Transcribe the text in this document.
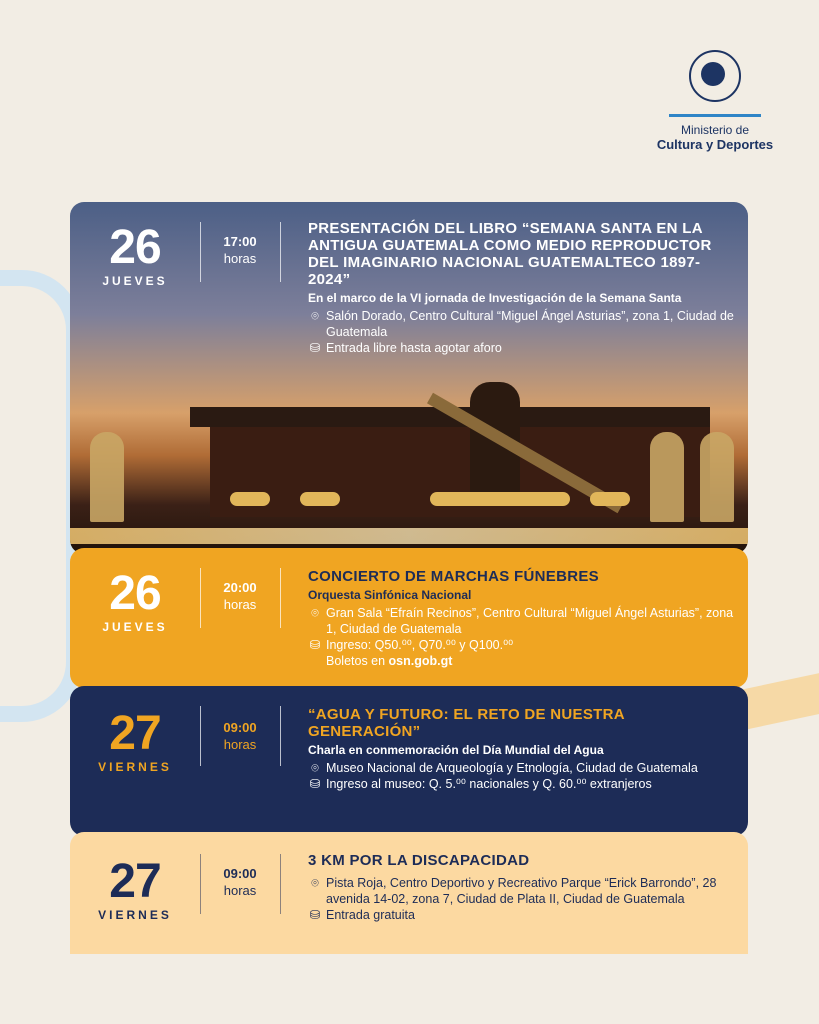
Ministerio de
Cultura y Deportes
26
JUEVES
17:00
horas
PRESENTACIÓN DEL LIBRO “SEMANA SANTA EN LA ANTIGUA GUATEMALA COMO MEDIO REPRODUCTOR DEL IMAGINARIO NACIONAL GUATEMALTECO 1897-2024”
En el marco de la VI jornada de Investigación de la Semana Santa
⌾ Salón Dorado, Centro Cultural “Miguel Ángel Asturias”, zona 1, Ciudad de Guatemala
⛁ Entrada libre hasta agotar aforo
26
JUEVES
20:00
horas
CONCIERTO DE MARCHAS FÚNEBRES
Orquesta Sinfónica Nacional
⌾ Gran Sala “Efraín Recinos”, Centro Cultural “Miguel Ángel Asturias”, zona 1, Ciudad de Guatemala
⛁ Ingreso: Q50.⁰⁰, Q70.⁰⁰ y Q100.⁰⁰
Boletos en osn.gob.gt
27
VIERNES
09:00
horas
“AGUA Y FUTURO: EL RETO DE NUESTRA GENERACIÓN”
Charla en conmemoración del Día Mundial del Agua
⌾ Museo Nacional de Arqueología y Etnología, Ciudad de Guatemala
⛁ Ingreso al museo: Q. 5.⁰⁰ nacionales y Q. 60.⁰⁰ extranjeros
27
VIERNES
09:00
horas
3 KM POR LA DISCAPACIDAD
⌾ Pista Roja, Centro Deportivo y Recreativo Parque “Erick Barrondo”, 28 avenida 14-02, zona 7, Ciudad de Plata II, Ciudad de Guatemala
⛁ Entrada gratuita
